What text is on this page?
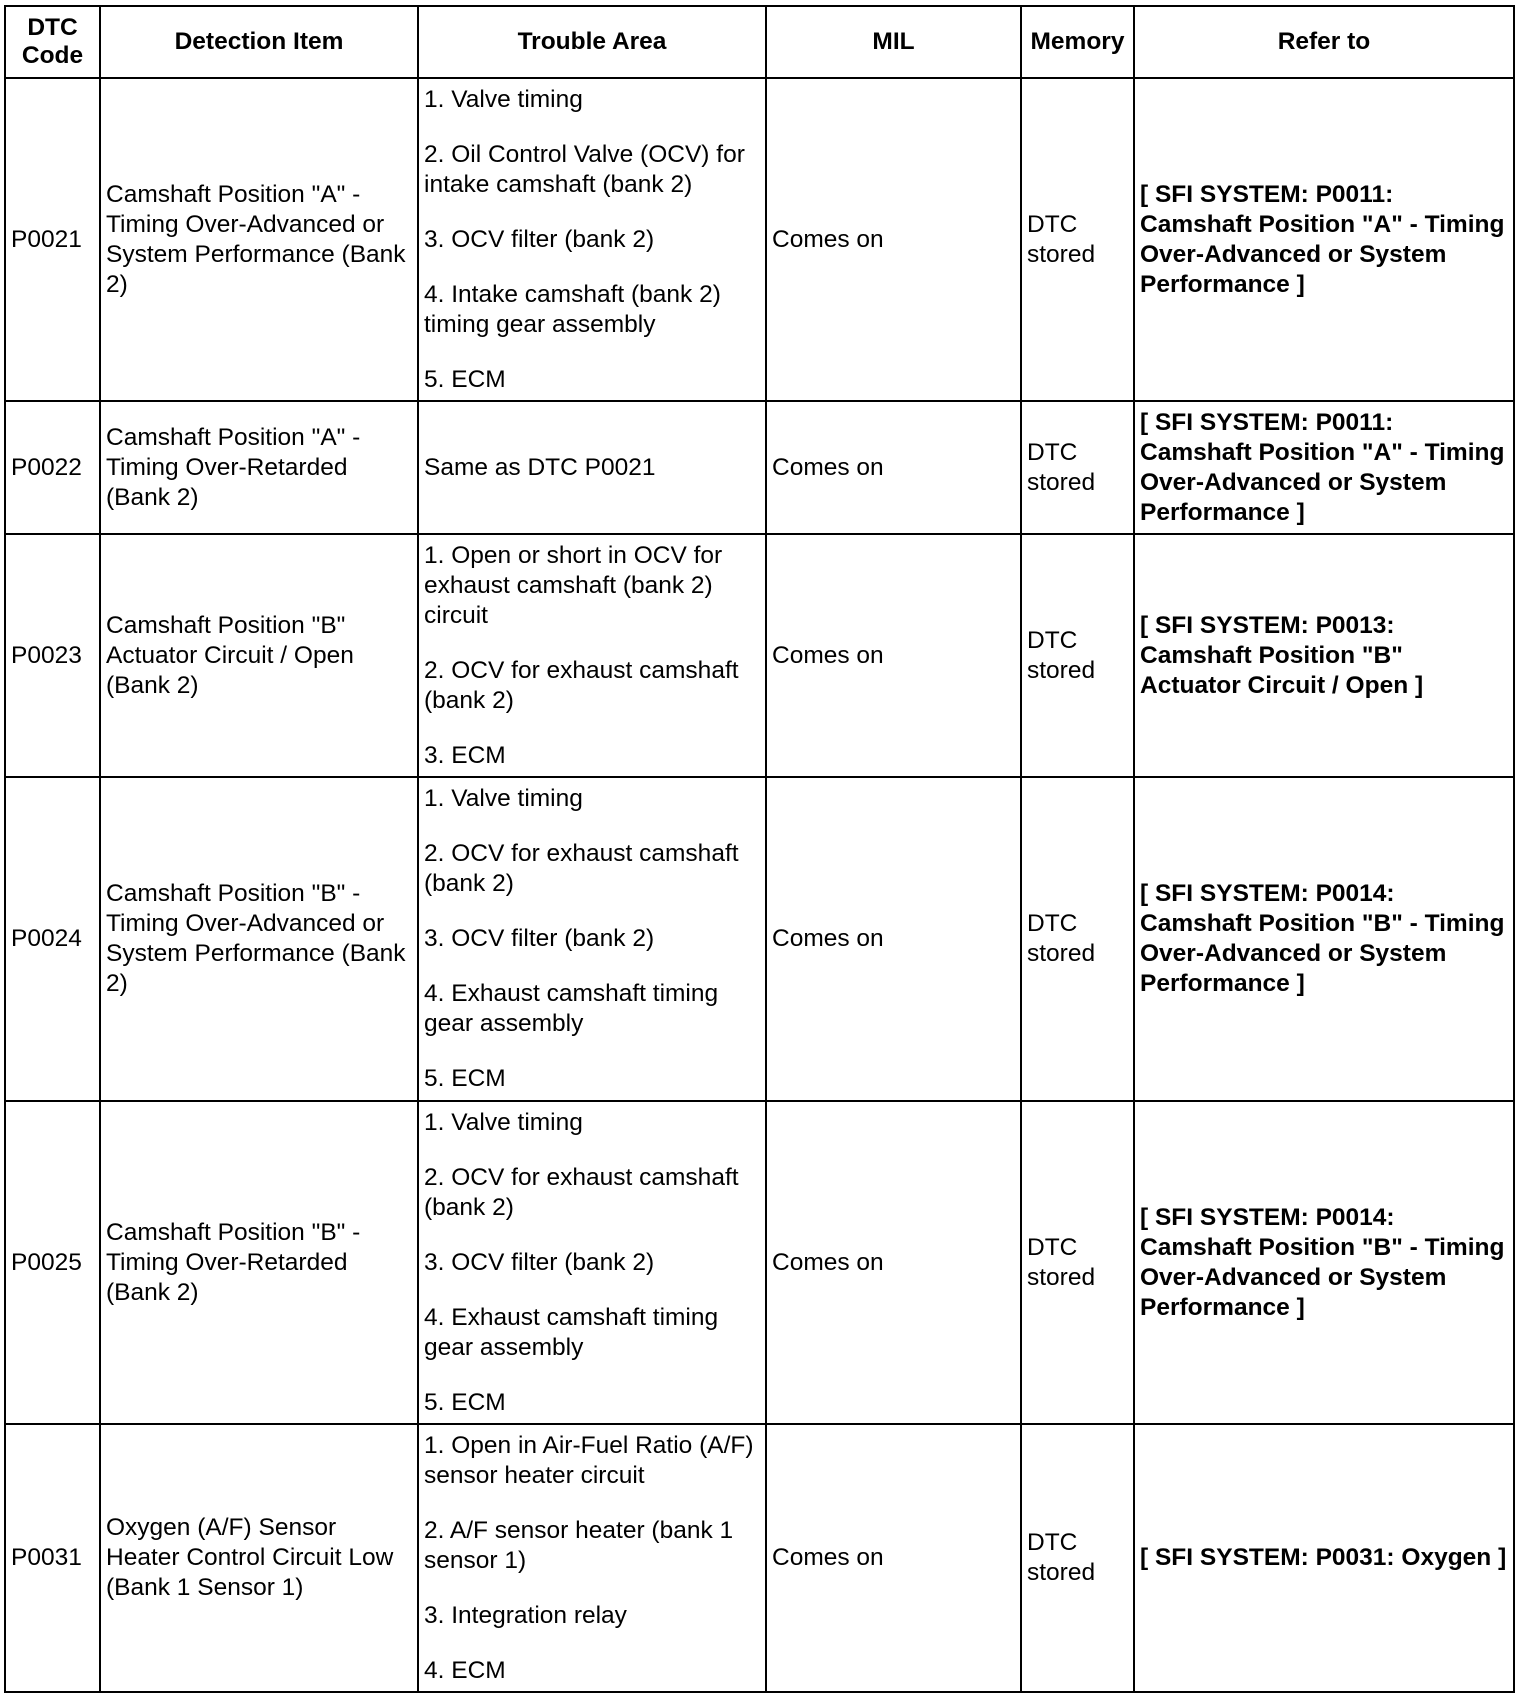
DTC Code	Detection Item	Trouble Area	MIL	Memory	Refer to
P0021	Camshaft Position "A" - Timing Over-Advanced or System Performance (Bank 2)	1. Valve timing

2. Oil Control Valve (OCV) for intake camshaft (bank 2)

3. OCV filter (bank 2)

4. Intake camshaft (bank 2) timing gear assembly

5. ECM	Comes on	DTC stored	[ SFI SYSTEM: P0011: Camshaft Position "A" - Timing Over-Advanced or System Performance ]
P0022	Camshaft Position "A" - Timing Over-Retarded (Bank 2)	Same as DTC P0021	Comes on	DTC stored	[ SFI SYSTEM: P0011: Camshaft Position "A" - Timing Over-Advanced or System Performance ]
P0023	Camshaft Position "B" Actuator Circuit / Open (Bank 2)	1. Open or short in OCV for exhaust camshaft (bank 2) circuit

2. OCV for exhaust camshaft (bank 2)

3. ECM	Comes on	DTC stored	[ SFI SYSTEM: P0013: Camshaft Position "B" Actuator Circuit / Open ]
P0024	Camshaft Position "B" - Timing Over-Advanced or System Performance (Bank 2)	1. Valve timing

2. OCV for exhaust camshaft (bank 2)

3. OCV filter (bank 2)

4. Exhaust camshaft timing gear assembly

5. ECM	Comes on	DTC stored	[ SFI SYSTEM: P0014: Camshaft Position "B" - Timing Over-Advanced or System Performance ]
P0025	Camshaft Position "B" - Timing Over-Retarded (Bank 2)	1. Valve timing

2. OCV for exhaust camshaft (bank 2)

3. OCV filter (bank 2)

4. Exhaust camshaft timing gear assembly

5. ECM	Comes on	DTC stored	[ SFI SYSTEM: P0014: Camshaft Position "B" - Timing Over-Advanced or System Performance ]
P0031	Oxygen (A/F) Sensor Heater Control Circuit Low (Bank 1 Sensor 1)	1. Open in Air-Fuel Ratio (A/F) sensor heater circuit

2. A/F sensor heater (bank 1 sensor 1)

3. Integration relay

4. ECM	Comes on	DTC stored	[ SFI SYSTEM: P0031: Oxygen ]
